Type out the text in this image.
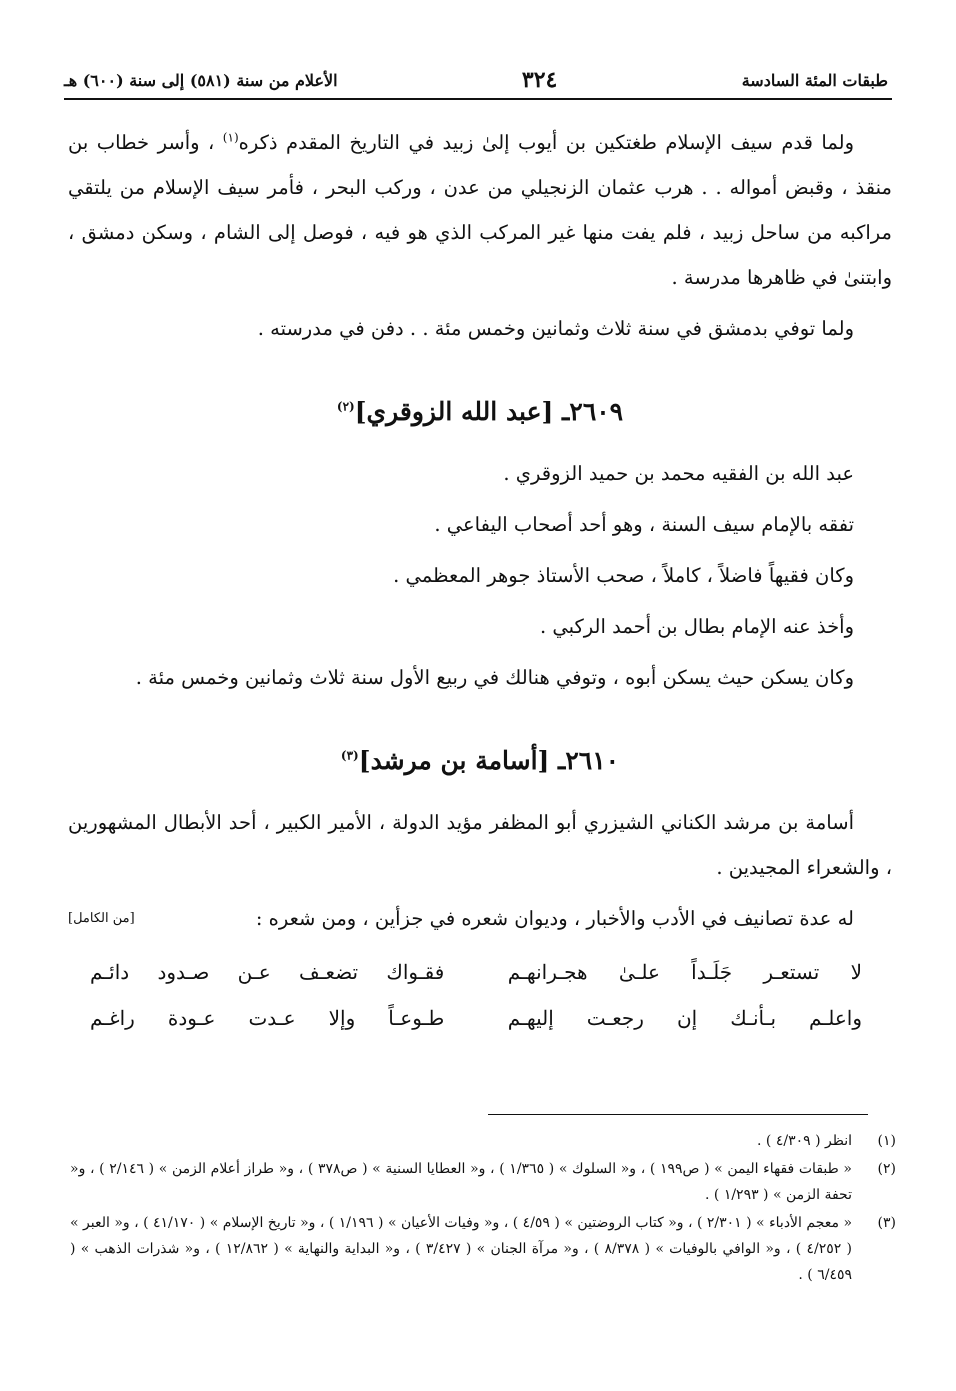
طبقات المئة السادسة
٣٢٤
الأعلام من سنة (٥٨١) إلى سنة (٦٠٠) هـ

ولما قدم سيف الإسلام طغتكين بن أيوب إلىٰ زبيد في التاريخ المقدم ذكره$^{(١)}$ ، وأسر خطاب بن منقذ ، وقبض أمواله . . هرب عثمان الزنجيلي من عدن ، وركب البحر ، فأمر سيف الإسلام من يلتقي مراكبه من ساحل زبيد ، فلم يفت منها غير المركب الذي هو فيه ، فوصل إلى الشام ، وسكن دمشق ، وابتنىٰ في ظاهرها مدرسة .

ولما توفي بدمشق في سنة ثلاث وثمانين وخمس مئة . . دفن في مدرسته .

٢٦٠٩ـ [عبد الله الزوقري]$^{(٢)}$

عبد الله بن الفقيه محمد بن حميد الزوقري .

تفقه بالإمام سيف السنة ، وهو أحد أصحاب اليفاعي .

وكان فقيهاً فاضلاً ، كاملاً ، صحب الأستاذ جوهر المعظمي .

وأخذ عنه الإمام بطال بن أحمد الركبي .

وكان يسكن حيث يسكن أبوه ، وتوفي هنالك في ربيع الأول سنة ثلاث وثمانين وخمس مئة .

٢٦١٠ـ [أسامة بن مرشد]$^{(٣)}$

أسامة بن مرشد الكناني الشيزري أبو المظفر مؤيد الدولة ، الأمير الكبير ، أحد الأبطال المشهورين ، والشعراء المجيدين .

له عدة تصانيف في الأدب والأخبار ، وديوان شعره في جزأين ، ومن شعره :
[من الكامل]

لا تستعـر جَلَـداً علـىٰ هجـرانهـم
فقـواك تضعـف عـن صـدود دائـم
واعلـم بـأنـك إن رجعـت إليهـم
طـوعـاً وإلا عـدت عـودة راغـم
(١)
انظر ( ٤/٣٠٩ ) .
(٢)
« طبقات فقهاء اليمن » ( ص١٩٩ ) ، و« السلوك » ( ١/٣٦٥ ) ، و« العطايا السنية » ( ص٣٧٨ ) ، و« طراز أعلام الزمن » ( ٢/١٤٦ ) ، و« تحفة الزمن » ( ١/٢٩٣ ) .
(٣)
« معجم الأدباء » ( ٢/٣٠١ ) ، و« كتاب الروضتين » ( ٤/٥٩ ) ، و« وفيات الأعيان » ( ١/١٩٦ ) ، و« تاريخ الإسلام » ( ٤١/١٧٠ ) ، و« العبر » ( ٤/٢٥٢ ) ، و« الوافي بالوفيات » ( ٨/٣٧٨ ) ، و« مرآة الجنان » ( ٣/٤٢٧ ) ، و« البداية والنهاية » ( ١٢/٨٦٢ ) ، و« شذرات الذهب » ( ٦/٤٥٩ ) .
